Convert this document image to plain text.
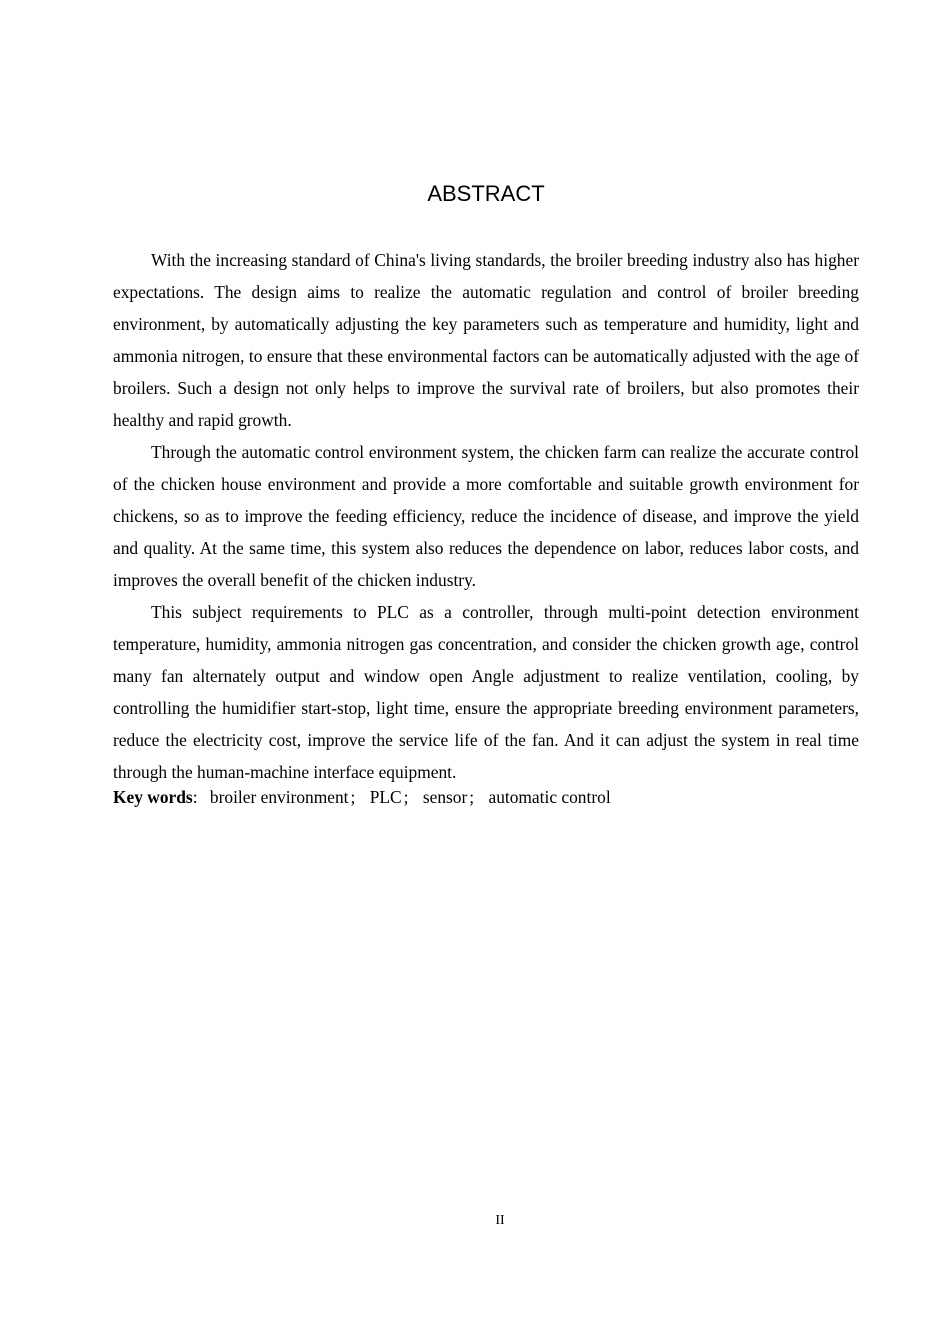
ABSTRACT

With the increasing standard of China's living standards, the broiler breeding industry also has higher expectations. The design aims to realize the automatic regulation and control of broiler breeding environment, by automatically adjusting the key parameters such as temperature and humidity, light and ammonia nitrogen, to ensure that these environmental factors can be automatically adjusted with the age of broilers. Such a design not only helps to improve the survival rate of broilers, but also promotes their healthy and rapid growth.

Through the automatic control environment system, the chicken farm can realize the accurate control of the chicken house environment and provide a more comfortable and suitable growth environment for chickens, so as to improve the feeding efficiency, reduce the incidence of disease, and improve the yield and quality. At the same time, this system also reduces the dependence on labor, reduces labor costs, and improves the overall benefit of the chicken industry.

This subject requirements to PLC as a controller, through multi-point detection environment temperature, humidity, ammonia nitrogen gas concentration, and consider the chicken growth age, control many fan alternately output and window open Angle adjustment to realize ventilation, cooling, by controlling the humidifier start-stop, light time, ensure the appropriate breeding environment parameters, reduce the electricity cost, improve the service life of the fan. And it can adjust the system in real time through the human-machine interface equipment.

Key words: broiler environment ; PLC ; sensor ; automatic control
II
